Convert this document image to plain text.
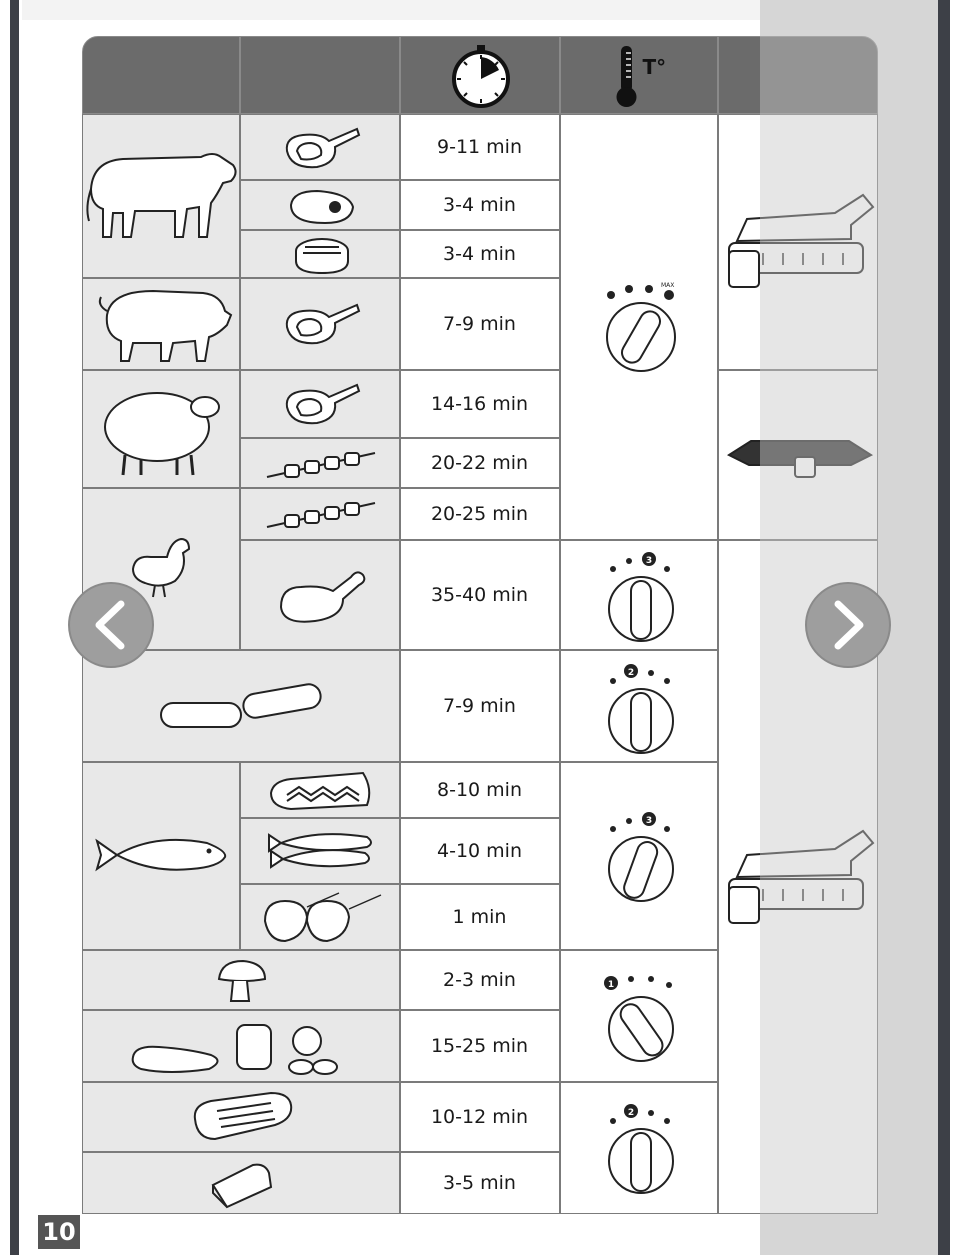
T°
9-11 min
3-4 min
3-4 min
7-9 min
14-16 min
20-22 min
20-25 min
35-40 min
7-9 min
8-10 min
4-10 min
1 min
2-3 min
15-25 min
10-12 min
3-5 min
MAX
3
2
3
1
2
10
